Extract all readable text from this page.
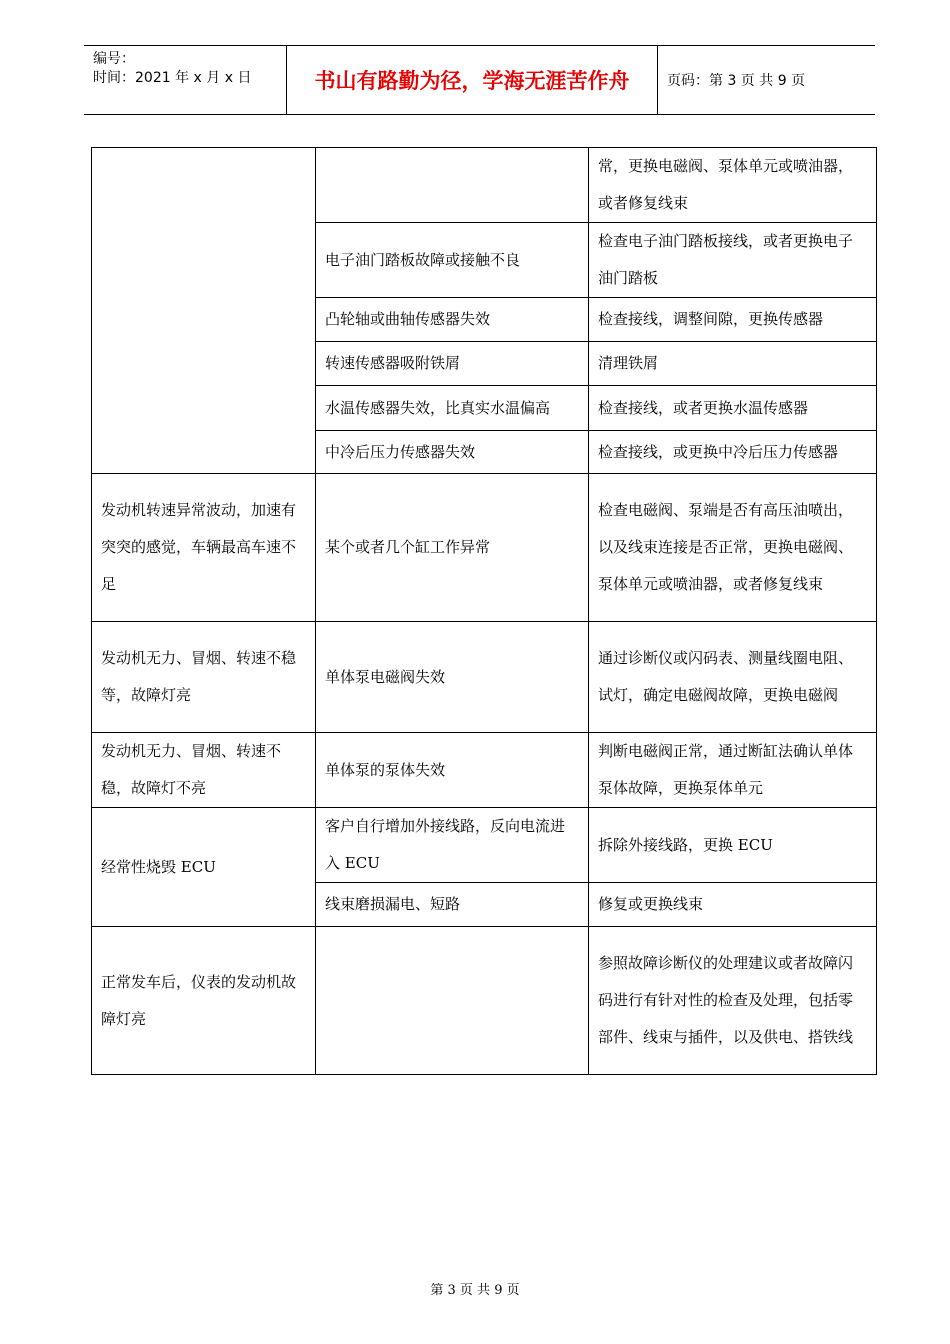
编号：
时间：2021 年 x 月 x 日	书山有路勤为径，学海无涯苦作舟	页码：第 3 页 共 9 页
		常，更换电磁阀、泵体单元或喷油器，或者修复线束
	电子油门踏板故障或接触不良	检查电子油门踏板接线，或者更换电子油门踏板
	凸轮轴或曲轴传感器失效	检查接线，调整间隙，更换传感器
	转速传感器吸附铁屑	清理铁屑
	水温传感器失效，比真实水温偏高	检查接线，或者更换水温传感器
	中冷后压力传感器失效	检查接线，或更换中冷后压力传感器
发动机转速异常波动，加速有突突的感觉，车辆最高车速不足	某个或者几个缸工作异常	检查电磁阀、泵端是否有高压油喷出，以及线束连接是否正常，更换电磁阀、泵体单元或喷油器，或者修复线束
发动机无力、冒烟、转速不稳等，故障灯亮	单体泵电磁阀失效	通过诊断仪或闪码表、测量线圈电阻、试灯，确定电磁阀故障，更换电磁阀
发动机无力、冒烟、转速不稳，故障灯不亮	单体泵的泵体失效	判断电磁阀正常，通过断缸法确认单体泵体故障，更换泵体单元
经常性烧毁 ECU	客户自行增加外接线路，反向电流进入 ECU	拆除外接线路，更换 ECU
	线束磨损漏电、短路	修复或更换线束
正常发车后，仪表的发动机故障灯亮		参照故障诊断仪的处理建议或者故障闪码进行有针对性的检查及处理，包括零部件、线束与插件，以及供电、搭铁线
第 3 页 共 9 页
